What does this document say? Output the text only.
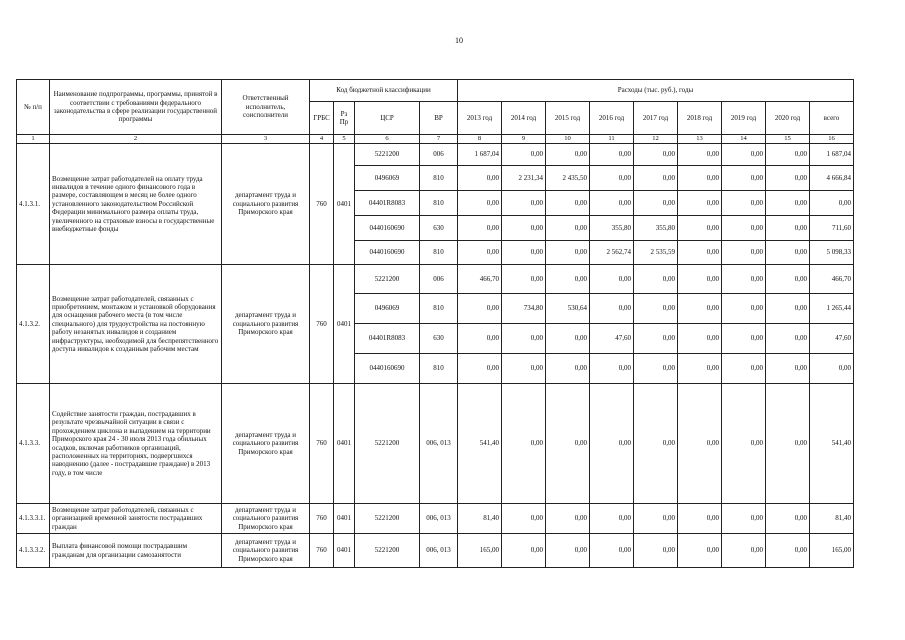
10
№ п/п	Наименование подпрограммы, программы, принятой в соответствии с требованиями федерального законодательства в сфере реализации государственной программы	Ответственный исполнитель, соисполнители	Код бюджетной классификации				Расходы (тыс. руб.), годы								
			ГРБС	Рз Пр	ЦСР	ВР	2013 год	2014 год	2015 год	2016 год	2017 год	2018 год	2019 год	2020 год	всего
1	2	3	4	5	6	7	8	9	10	11	12	13	14	15	16
4.1.3.1.	Возмещение затрат работодателей на оплату труда инвалидов в течение одного финансового года в размере, составляющем в месяц не более одного установленного законодательством Российской Федерации минимального размера оплаты труда, увеличенного на страховые взносы в государственные внебюджетные фонды	департамент труда и социального развития Приморского края	760	0401	5221200	006	1 687,04	0,00	0,00	0,00	0,00	0,00	0,00	0,00	1 687,04
					0496069	810	0,00	2 231,34	2 435,50	0,00	0,00	0,00	0,00	0,00	4 666,84
					04401R8083	810	0,00	0,00	0,00	0,00	0,00	0,00	0,00	0,00	0,00
					0440160690	630	0,00	0,00	0,00	355,80	355,80	0,00	0,00	0,00	711,60
					0440160690	810	0,00	0,00	0,00	2 562,74	2 535,59	0,00	0,00	0,00	5 098,33
4.1.3.2.	Возмещение затрат работодателей, связанных с приобретением, монтажом и установкой оборудования для оснащения рабочего места (в том числе специального) для трудоустройства на постоянную работу незанятых инвалидов и созданием инфраструктуры, необходимой для беспрепятственного доступа инвалидов к созданным рабочим местам	департамент труда и социального развития Приморского края	760	0401	5221200	006	466,70	0,00	0,00	0,00	0,00	0,00	0,00	0,00	466,70
					0496069	810	0,00	734,80	530,64	0,00	0,00	0,00	0,00	0,00	1 265,44
					04401R8083	630	0,00	0,00	0,00	47,60	0,00	0,00	0,00	0,00	47,60
					0440160690	810	0,00	0,00	0,00	0,00	0,00	0,00	0,00	0,00	0,00
4.1.3.3.	Содействие занятости граждан, пострадавших в результате чрезвычайной ситуации в связи с прохождением циклона и выпадением на территории Приморского края 24 - 30 июля 2013 года обильных осадков, включая работников организаций, расположенных на территориях, подвергшихся наводнению (далее - пострадавшие граждане) в 2013 году, в том числе	департамент труда и социального развития Приморского края	760	0401	5221200	006, 013	541,40	0,00	0,00	0,00	0,00	0,00	0,00	0,00	541,40
4.1.3.3.1.	Возмещение затрат работодателей, связанных с организацией временной занятости пострадавших граждан	департамент труда и социального развития Приморского края	760	0401	5221200	006, 013	81,40	0,00	0,00	0,00	0,00	0,00	0,00	0,00	81,40
4.1.3.3.2.	Выплата финансовой помощи пострадавшим гражданам для организации самозанятости	департамент труда и социального развития Приморского края	760	0401	5221200	006, 013	165,00	0,00	0,00	0,00	0,00	0,00	0,00	0,00	165,00
